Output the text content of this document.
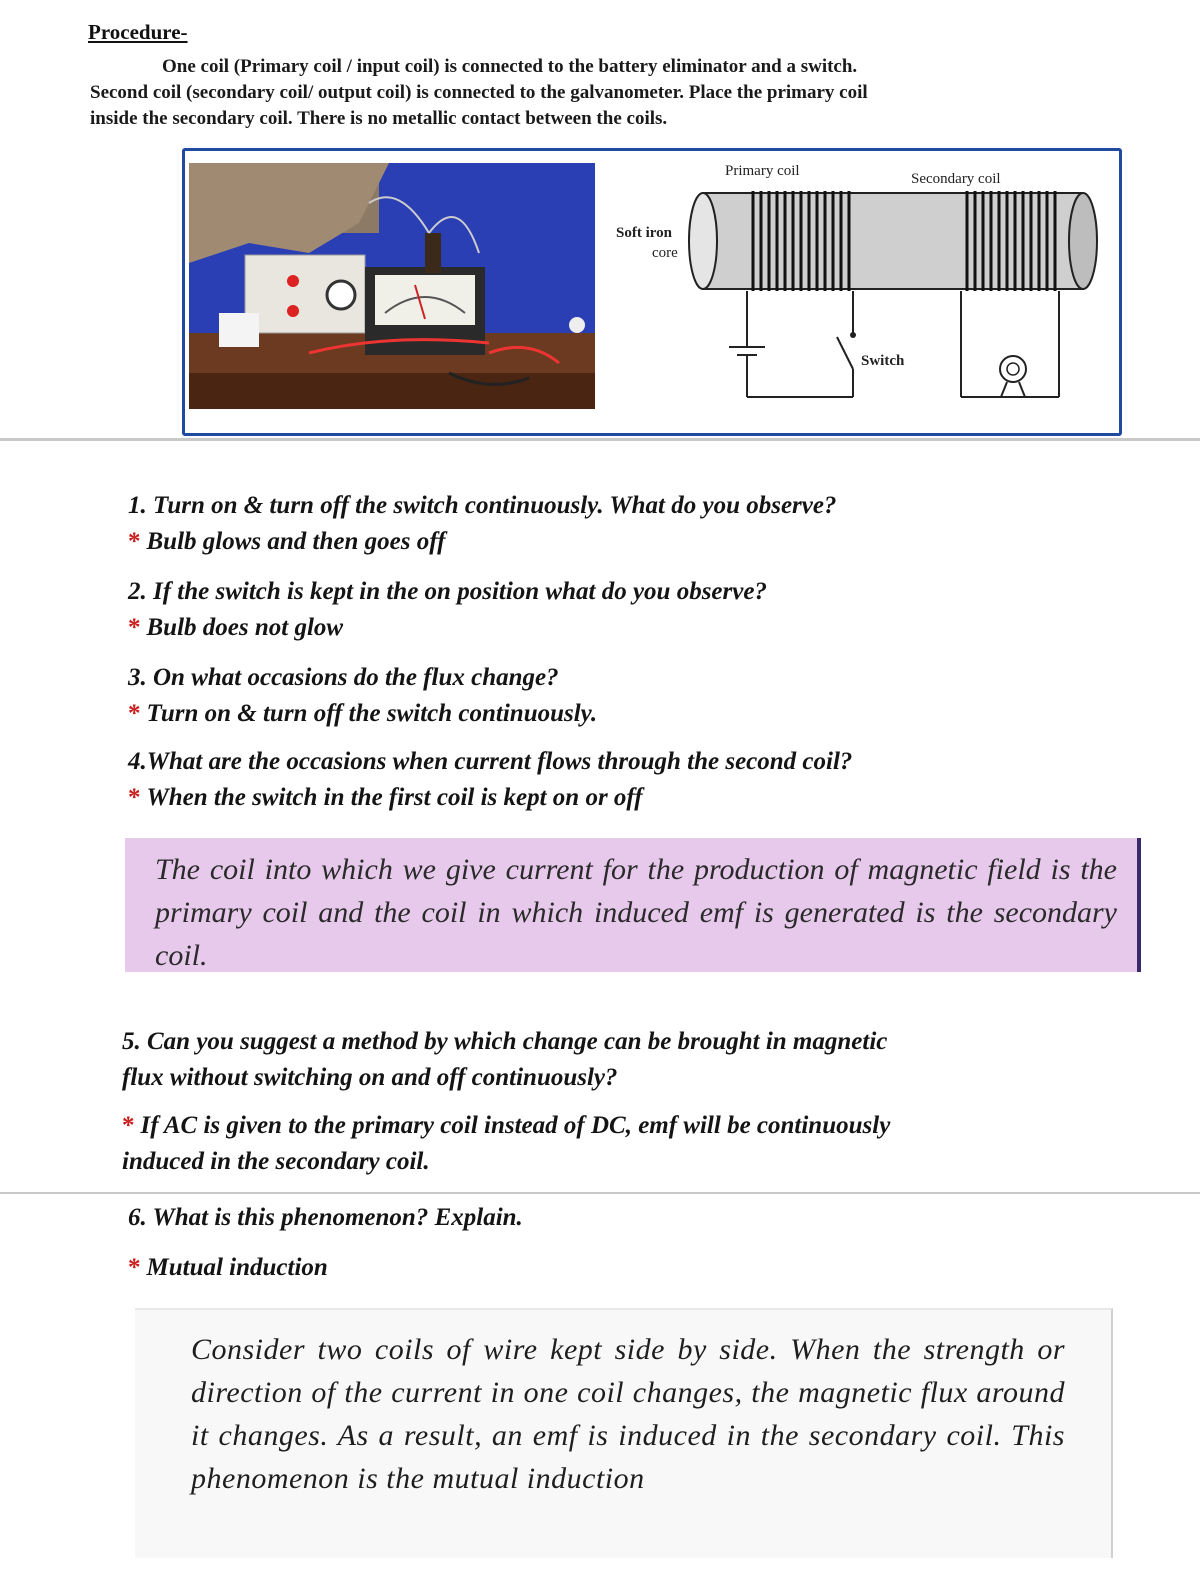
Procedure-
One coil (Primary coil / input coil) is connected to the battery eliminator and a switch.
Second coil (secondary coil/ output coil) is connected to the galvanometer. Place the primary coil
inside the secondary coil. There is no metallic contact between the coils.
Primary coil	Secondary coil
Switch
Soft iron
core

1. Turn on & turn off the switch continuously. What do you observe?

* Bulb glows and then goes off

2. If the switch is kept in the on position what do you observe?

* Bulb does not glow

3. On what occasions do the flux change?

* Turn on & turn off the switch continuously.

4.What are the occasions when current flows through the second coil?

* When the switch in the first coil is kept on or off

The coil into which we give current for the production of magnetic field is the primary coil and the coil in which induced emf is generated is the secondary coil.

5. Can you suggest a method by which change can be brought in magnetic

flux without switching on and off continuously?

* If AC is given to the primary coil instead of DC, emf will be continuously

induced in the secondary coil.

6. What is this phenomenon? Explain.

* Mutual induction

Consider two coils of wire kept side by side. When the strength or direction of the current in one coil changes, the magnetic flux around it changes. As a result, an emf is induced in the secondary coil. This phenomenon is the mutual induction
